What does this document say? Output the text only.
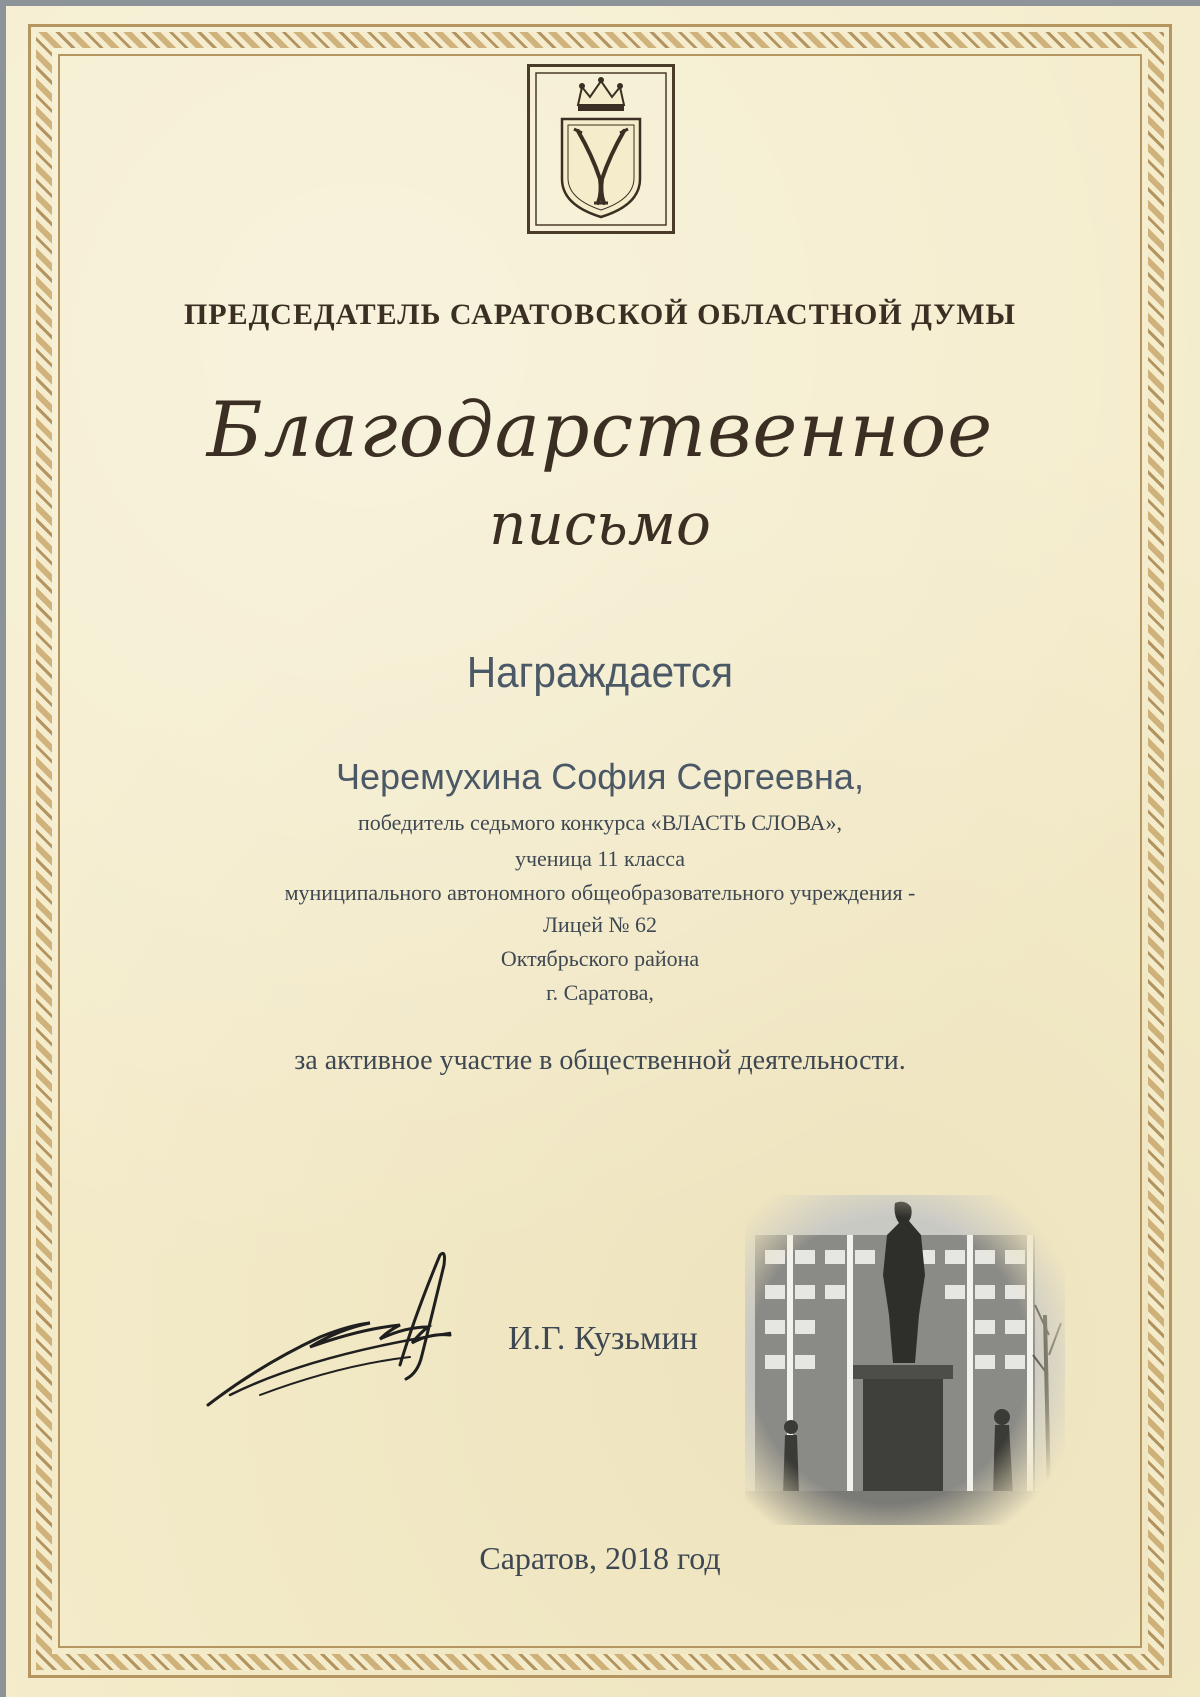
ПРЕДСЕДАТЕЛЬ САРАТОВСКОЙ ОБЛАСТНОЙ ДУМЫ

Благодарственное

письмо

Награждается

Черемухина София Сергеевна,

победитель седьмого конкурса «ВЛАСТЬ СЛОВА»,

ученица 11 класса

муниципального автономного общеобразовательного учреждения -

Лицей № 62

Октябрьского района

г. Саратова,

за активное участие в общественной деятельности.

И.Г. Кузьмин

Саратов, 2018 год
